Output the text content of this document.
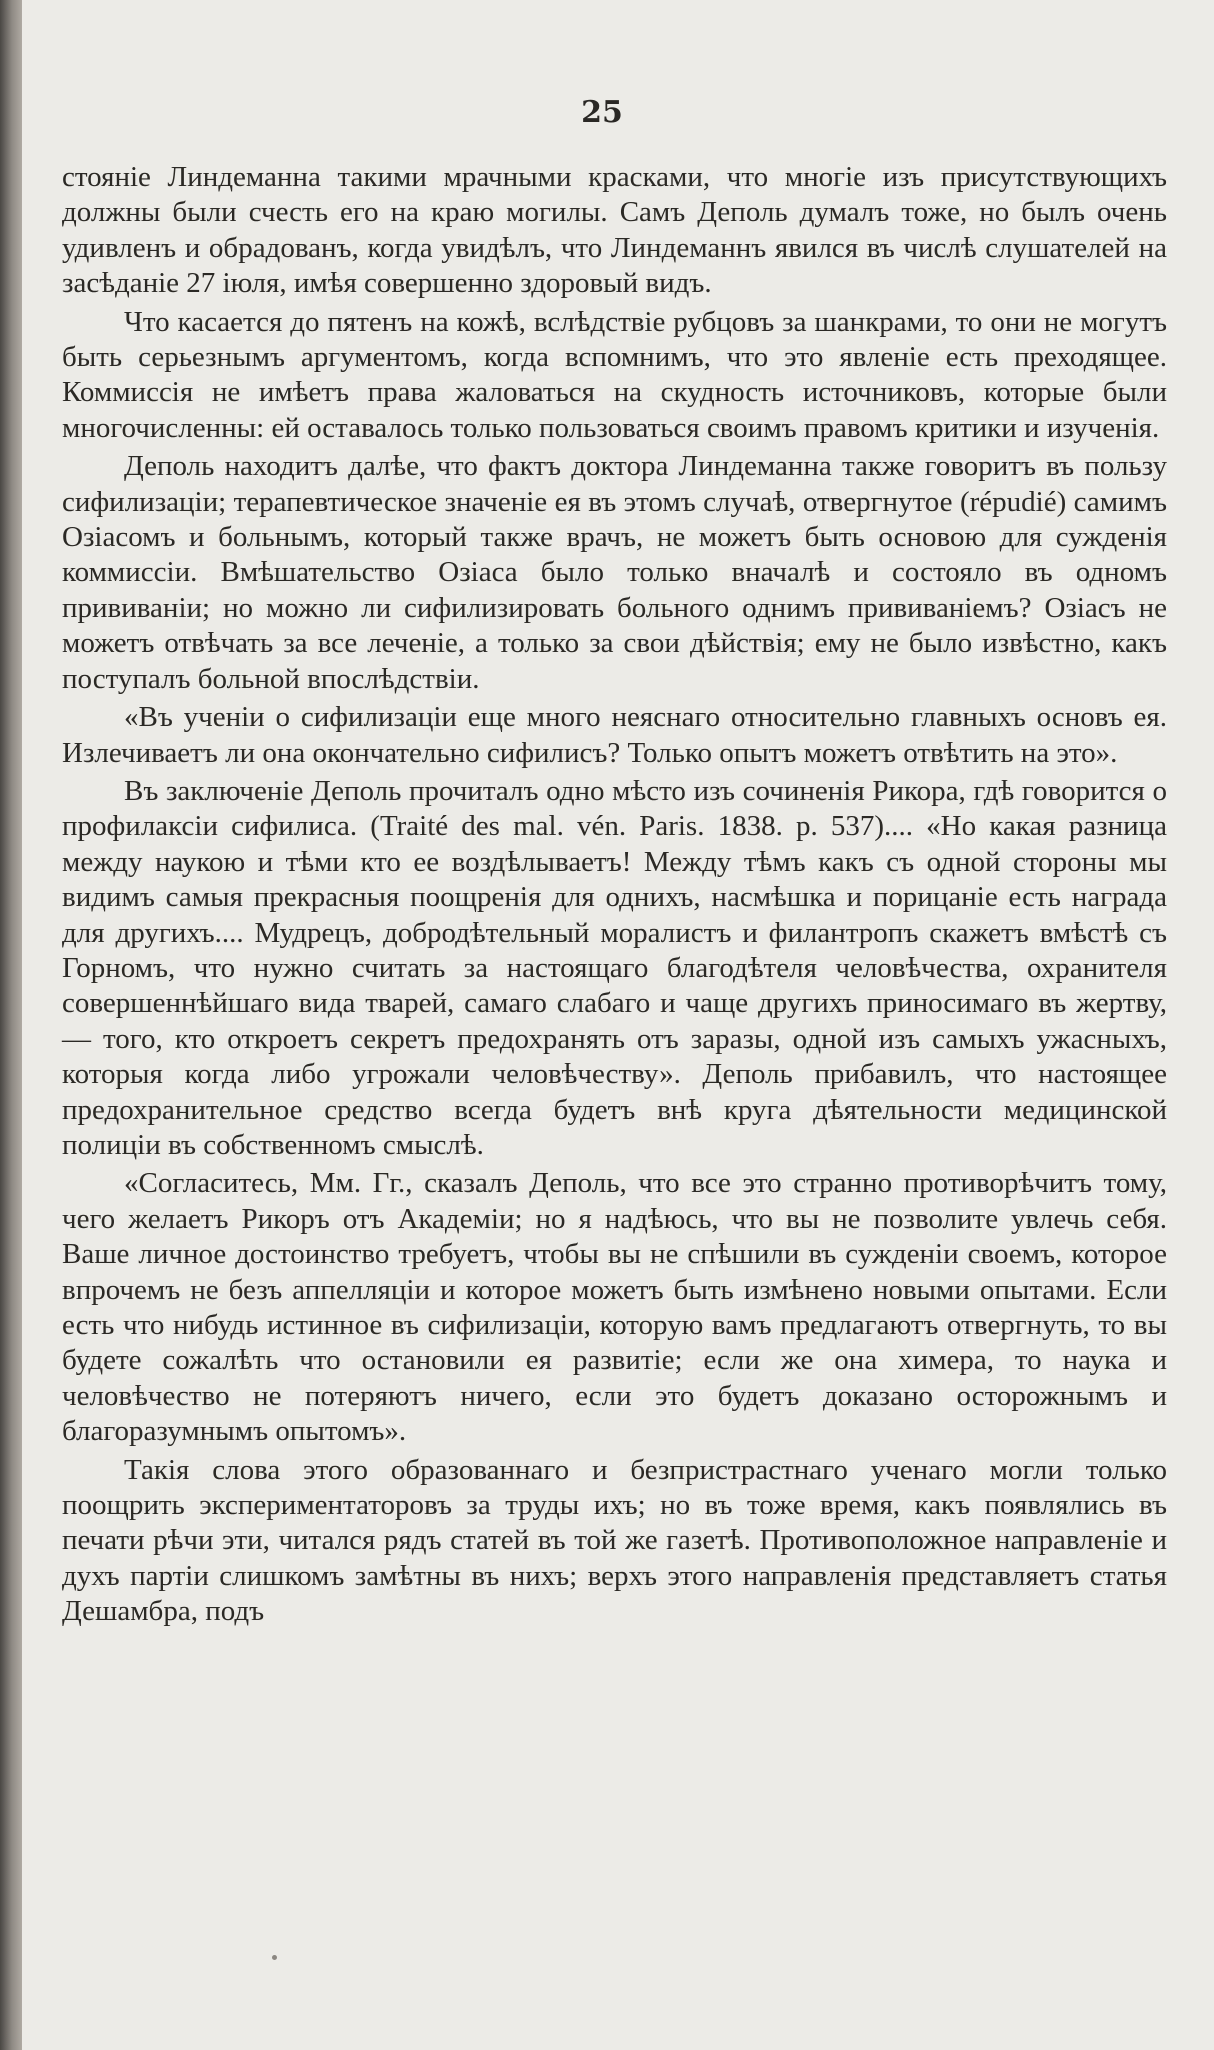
25

стояніе Линдеманна такими мрачными красками, что многіе изъ присутствующихъ должны были счесть его на краю могилы. Самъ Деполь думалъ тоже, но былъ очень удивленъ и обрадованъ, когда увидѣлъ, что Линдеманнъ явился въ числѣ слушателей на засѣданіе 27 іюля, имѣя совершенно здоровый видъ.

Что касается до пятенъ на кожѣ, вслѣдствіе рубцовъ за шанкрами, то они не могутъ быть серьезнымъ аргументомъ, когда вспомнимъ, что это явленіе есть преходящее. Коммиссія не имѣетъ права жаловаться на скудность источниковъ, которые были многочисленны: ей оставалось только пользоваться своимъ правомъ критики и изученія.

Деполь находитъ далѣе, что фактъ доктора Линдеманна также говоритъ въ пользу сифилизаціи; терапевтическое значеніе ея въ этомъ случаѣ, отвергнутое (répudié) самимъ Озіасомъ и больнымъ, который также врачъ, не можетъ быть основою для сужденія коммиссіи. Вмѣшательство Озіаса было только вначалѣ и состояло въ одномъ прививаніи; но можно ли сифилизировать больного однимъ прививаніемъ? Озіасъ не можетъ отвѣчать за все леченіе, а только за свои дѣйствія; ему не было извѣстно, какъ поступалъ больной впослѣдствіи.

«Въ ученіи о сифилизаціи еще много неяснаго относительно главныхъ основъ ея. Излечиваетъ ли она окончательно сифилисъ? Только опытъ можетъ отвѣтить на это».

Въ заключеніе Деполь прочиталъ одно мѣсто изъ сочиненія Рикора, гдѣ говорится о профилаксіи сифилиса. (Traité des mal. vén. Paris. 1838. p. 537).... «Но какая разница между наукою и тѣми кто ее воздѣлываетъ! Между тѣмъ какъ съ одной стороны мы видимъ самыя прекрасныя поощренія для однихъ, насмѣшка и порицаніе есть награда для другихъ.... Мудрецъ, добродѣтельный моралистъ и филантропъ скажетъ вмѣстѣ съ Горномъ, что нужно считать за настоящаго благодѣтеля человѣчества, охранителя совершеннѣйшаго вида тварей, самаго слабаго и чаще другихъ приносимаго въ жертву, — того, кто откроетъ секретъ предохранять отъ заразы, одной изъ самыхъ ужасныхъ, которыя когда либо угрожали человѣчеству». Деполь прибавилъ, что настоящее предохранительное средство всегда будетъ внѣ круга дѣятельности медицинской полиціи въ собственномъ смыслѣ.

«Согласитесь, Мм. Гг., сказалъ Деполь, что все это странно противорѣчитъ тому, чего желаетъ Рикоръ отъ Академіи; но я надѣюсь, что вы не позволите увлечь себя. Ваше личное достоинство требуетъ, чтобы вы не спѣшили въ сужденіи своемъ, которое впрочемъ не безъ аппелляціи и которое можетъ быть измѣнено новыми опытами. Если есть что нибудь истинное въ сифилизаціи, которую вамъ предлагаютъ отвергнуть, то вы будете сожалѣть что остановили ея развитіе; если же она химера, то наука и человѣчество не потеряютъ ничего, если это будетъ доказано осторожнымъ и благоразумнымъ опытомъ».

Такія слова этого образованнаго и безпристрастнаго ученаго могли только поощрить экспериментаторовъ за труды ихъ; но въ тоже время, какъ появлялись въ печати рѣчи эти, читался рядъ статей въ той же газетѣ. Противоположное направленіе и духъ партіи слишкомъ замѣтны въ нихъ; верхъ этого направленія представляетъ статья Дешамбра, подъ
